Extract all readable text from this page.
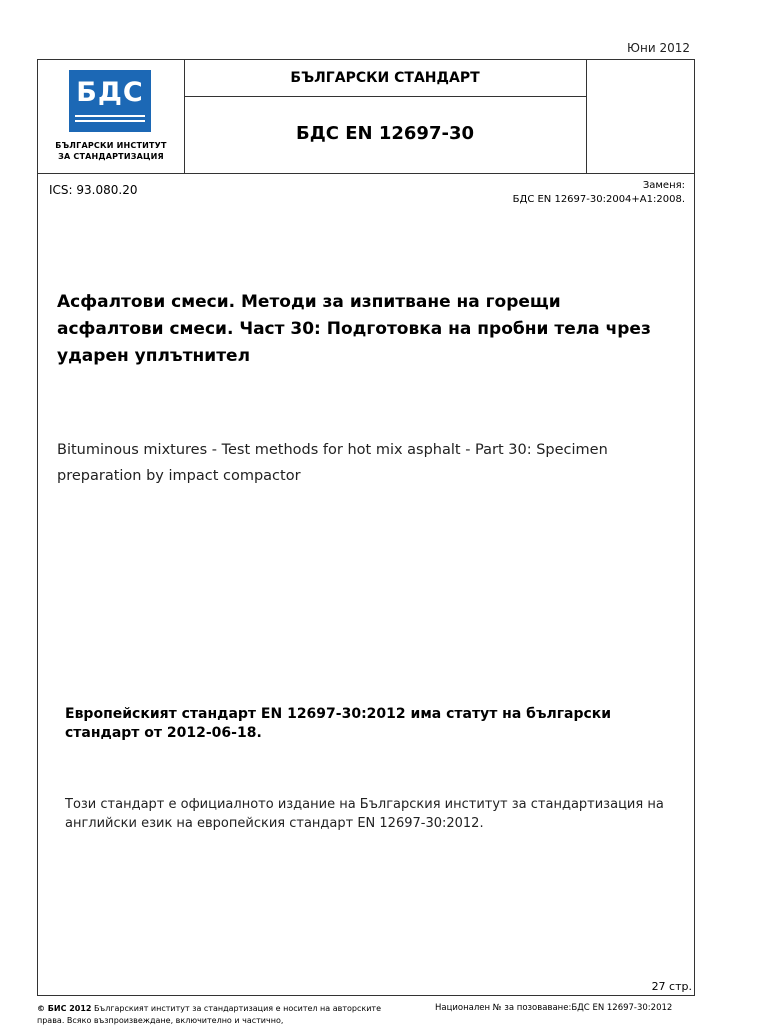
Юни 2012
БДС
БЪЛГАРСКИ ИНСТИТУТ
ЗА СТАНДАРТИЗАЦИЯ
БЪЛГАРСКИ СТАНДАРТ
БДС EN 12697-30
ICS: 93.080.20	Заменя:
БДС EN 12697-30:2004+A1:2008.
Асфалтови смеси. Методи за изпитване на горещи асфалтови смеси. Част 30: Подготовка на пробни тела чрез ударен уплътнител
Bituminous mixtures - Test methods for hot mix asphalt - Part 30: Specimen preparation by impact compactor
Европейският стандарт EN 12697-30:2012 има статут на български стандарт от 2012-06-18.
Този стандарт е официалното издание на Българския институт за стандартизация на английски език на европейския стандарт EN 12697-30:2012.
27 стр.
© БИС 2012 Българският институт за стандартизация е носител на авторските права. Всяко възпроизвеждане, включително и частично,
Национален № за позоваване:БДС EN 12697-30:2012
